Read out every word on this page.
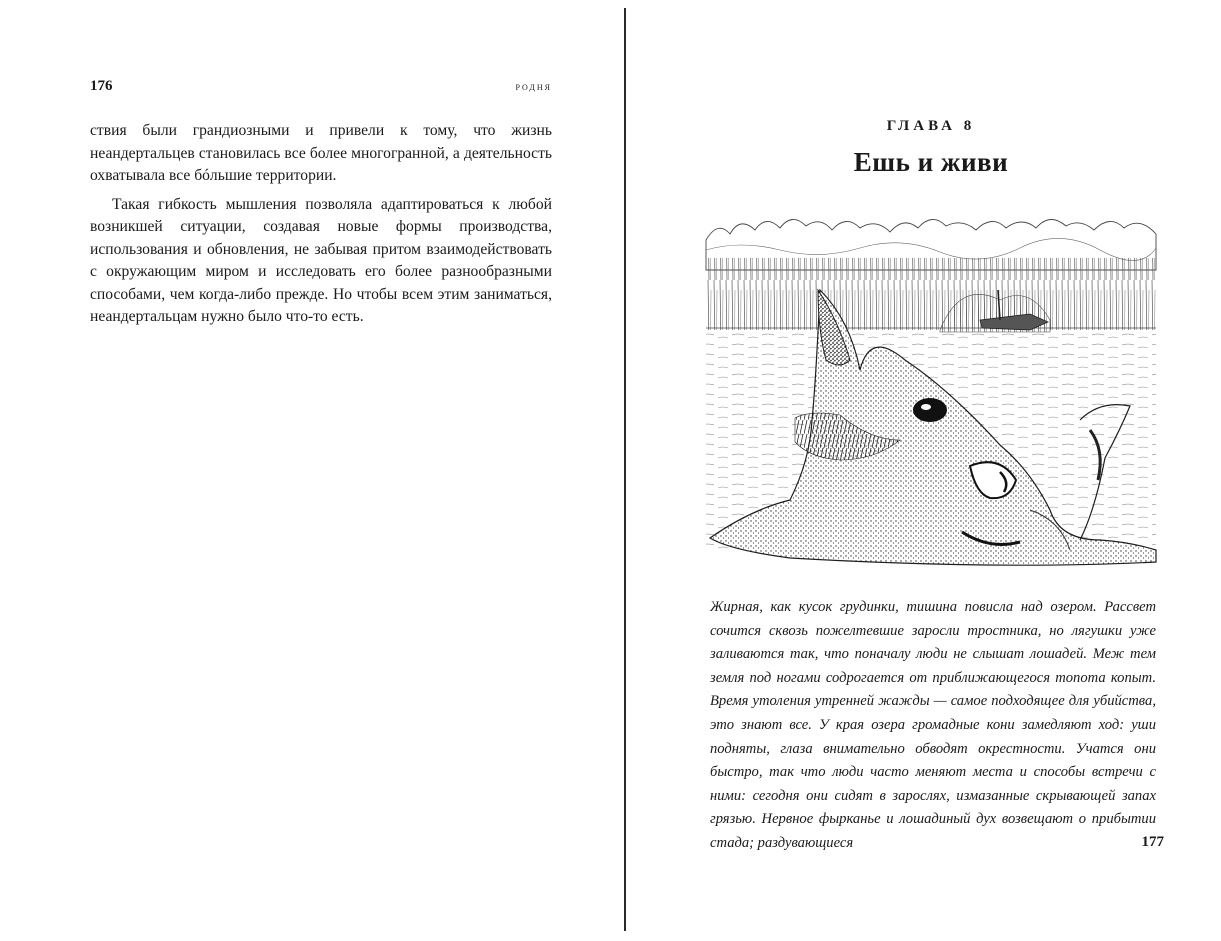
176	родня

ствия были грандиозными и привели к тому, что жизнь неандертальцев становилась все более многогранной, а деятельность охватывала все бóльшие территории.

Такая гибкость мышления позволяла адаптироваться к любой возникшей ситуации, создавая новые формы производства, использования и обновления, не забывая притом взаимодействовать с окружающим миром и исследовать его более разнообразными способами, чем когда-либо прежде. Но чтобы всем этим заниматься, неандертальцам нужно было что-то есть.

ГЛАВА 8
Ешь и живи

Жирная, как кусок грудинки, тишина повисла над озером. Рассвет сочится сквозь пожелтевшие заросли тростника, но лягушки уже заливаются так, что поначалу люди не слышат лошадей. Меж тем земля под ногами содрогается от приближающегося топота копыт. Время утоления утренней жажды — самое подходящее для убийства, это знают все. У края озера громадные кони замедляют ход: уши подняты, глаза внимательно обводят окрестности. Учатся они быстро, так что люди часто меняют места и способы встречи с ними: сегодня они сидят в зарослях, измазанные скрывающей запах грязью. Нервное фырканье и лошадиный дух возвещают о прибытии стада; раздувающиеся	177
